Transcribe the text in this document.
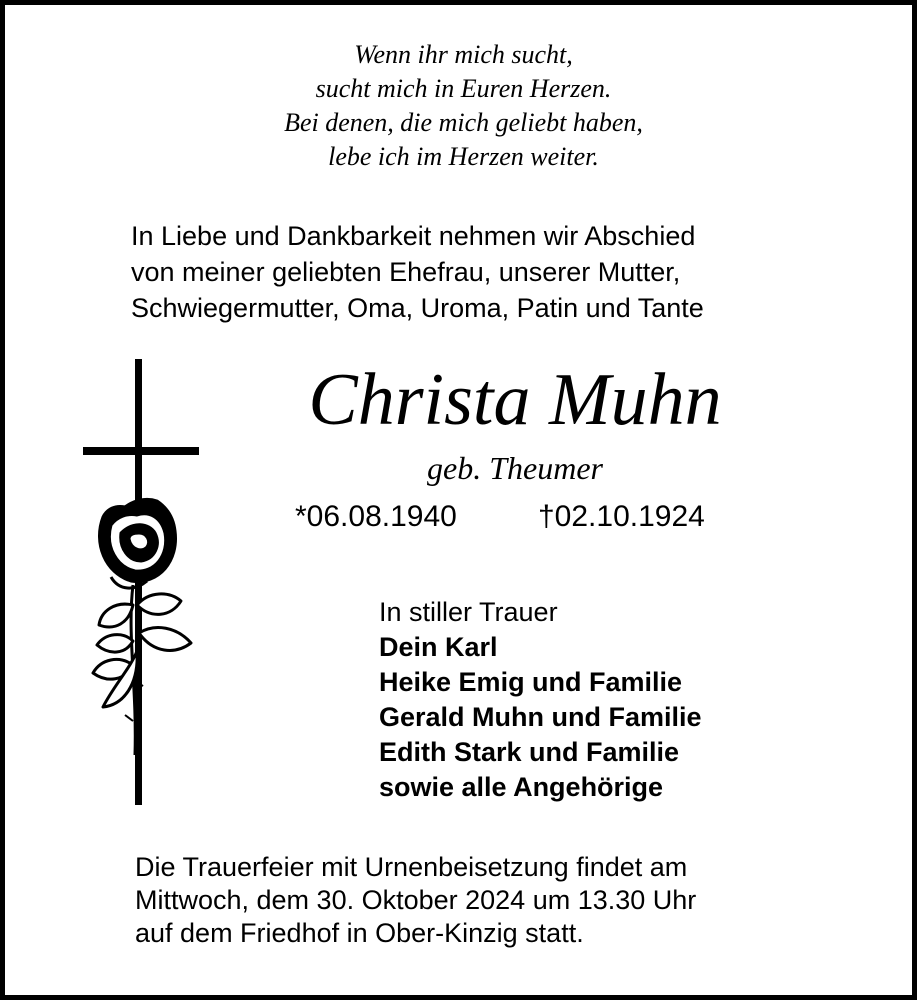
Wenn ihr mich sucht,
sucht mich in Euren Herzen.
Bei denen, die mich geliebt haben,
lebe ich im Herzen weiter.
In Liebe und Dankbarkeit nehmen wir Abschied
von meiner geliebten Ehefrau, unserer Mutter,
Schwiegermutter, Oma, Uroma, Patin und Tante
Christa Muhn
geb. Theumer
*06.08.1940	†02.10.1924
In stiller Trauer
Dein Karl
Heike Emig und Familie
Gerald Muhn und Familie
Edith Stark und Familie
sowie alle Angehörige
Die Trauerfeier mit Urnenbeisetzung findet am
Mittwoch, dem 30. Oktober 2024 um 13.30 Uhr
auf dem Friedhof in Ober-Kinzig statt.
